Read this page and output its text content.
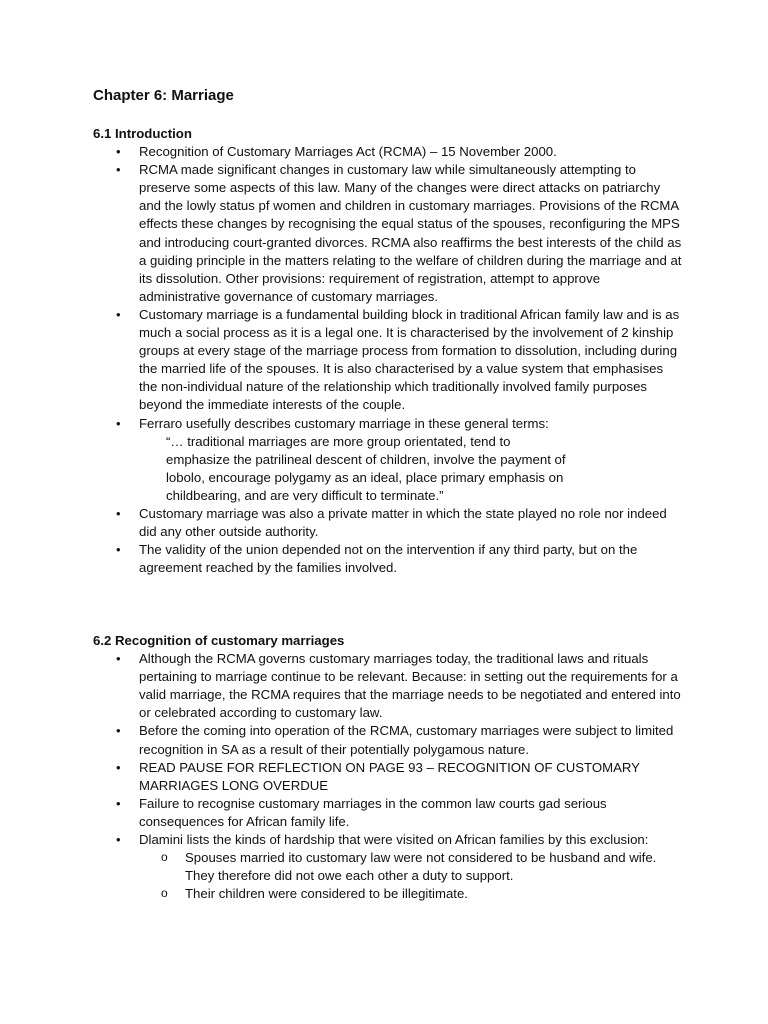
Chapter 6: Marriage
6.1 Introduction
• Recognition of Customary Marriages Act (RCMA) – 15 November 2000.
• RCMA made significant changes in customary law while simultaneously attempting to preserve some aspects of this law. Many of the changes were direct attacks on patriarchy and the lowly status pf women and children in customary marriages. Provisions of the RCMA effects these changes by recognising the equal status of the spouses, reconfiguring the MPS and introducing court-granted divorces. RCMA also reaffirms the best interests of the child as a guiding principle in the matters relating to the welfare of children during the marriage and at its dissolution. Other provisions: requirement of registration, attempt to approve administrative governance of customary marriages.
• Customary marriage is a fundamental building block in traditional African family law and is as much a social process as it is a legal one. It is characterised by the involvement of 2 kinship groups at every stage of the marriage process from formation to dissolution, including during the married life of the spouses. It is also characterised by a value system that emphasises the non-individual nature of the relationship which traditionally involved family purposes beyond the immediate interests of the couple.
• Ferraro usefully describes customary marriage in these general terms:

“… traditional marriages are more group orientated, tend to

emphasize the patrilineal descent of children, involve the payment of

lobolo, encourage polygamy as an ideal, place primary emphasis on

childbearing, and are very difficult to terminate.”

• Customary marriage was also a private matter in which the state played no role nor indeed did any other outside authority.
• The validity of the union depended not on the intervention if any third party, but on the agreement reached by the families involved.
6.2 Recognition of customary marriages
• Although the RCMA governs customary marriages today, the traditional laws and rituals pertaining to marriage continue to be relevant. Because: in setting out the requirements for a valid marriage, the RCMA requires that the marriage needs to be negotiated and entered into or celebrated according to customary law.
• Before the coming into operation of the RCMA, customary marriages were subject to limited recognition in SA as a result of their potentially polygamous nature.
• READ PAUSE FOR REFLECTION ON PAGE 93 – RECOGNITION OF CUSTOMARY MARRIAGES LONG OVERDUE
• Failure to recognise customary marriages in the common law courts gad serious consequences for African family life.
• Dlamini lists the kinds of hardship that were visited on African families by this exclusion:
o Spouses married ito customary law were not considered to be husband and wife. They therefore did not owe each other a duty to support.
o Their children were considered to be illegitimate.
